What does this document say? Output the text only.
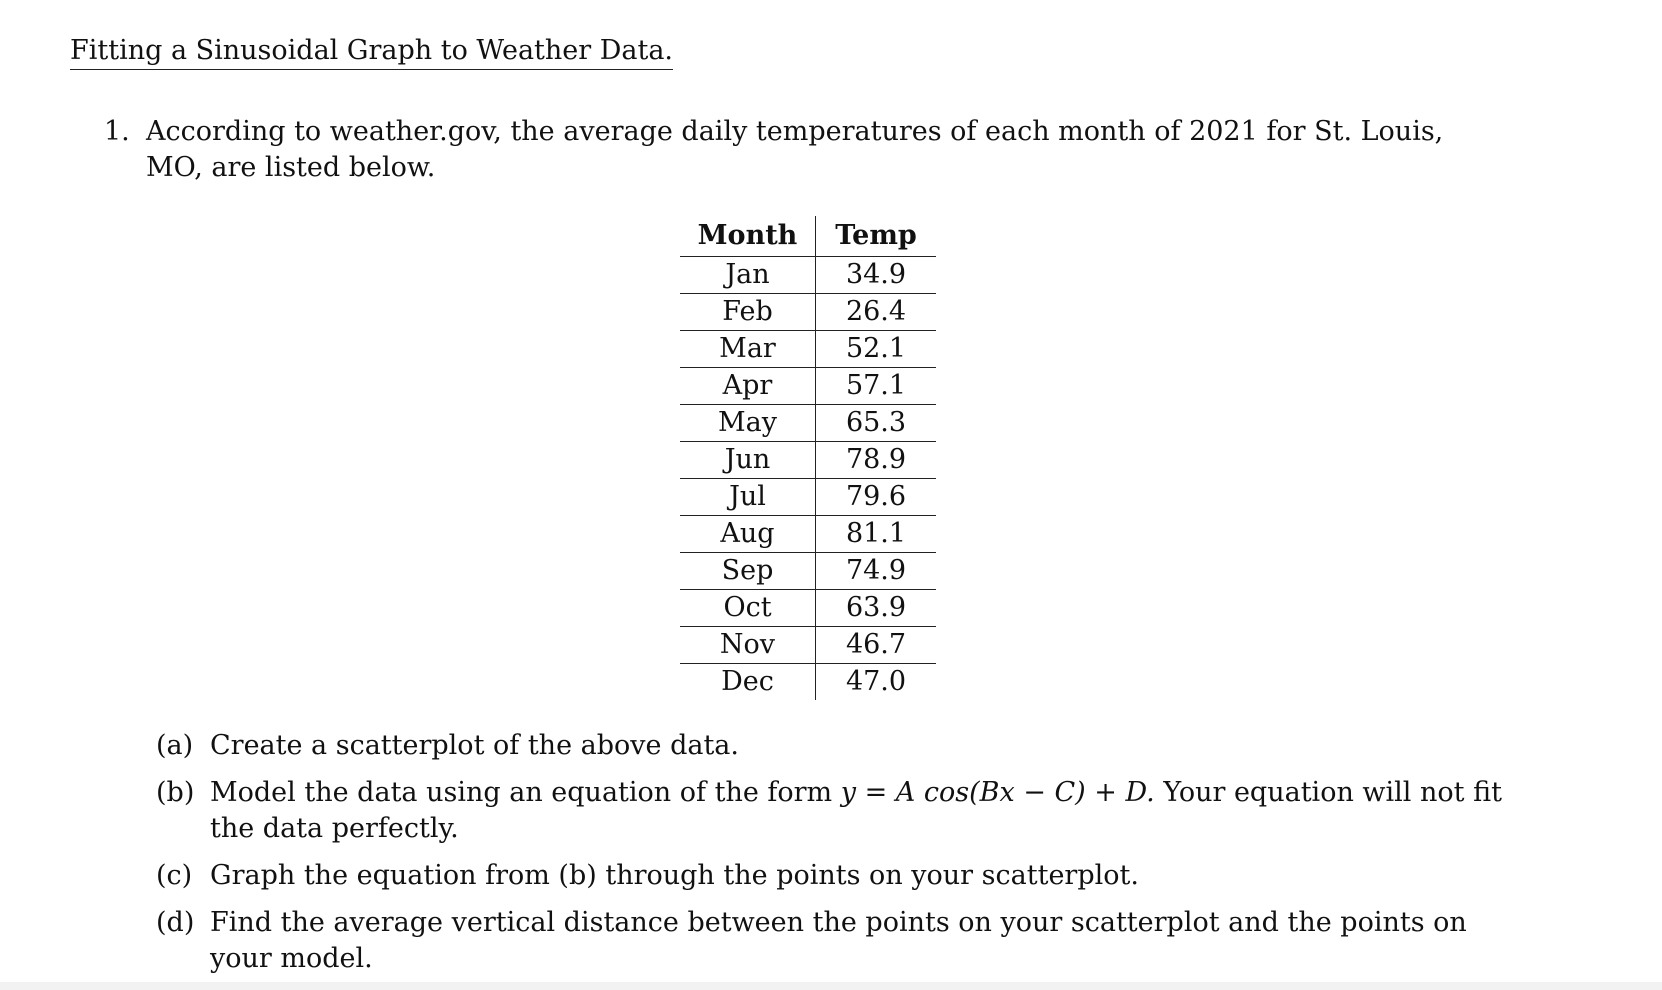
Fitting a Sinusoidal Graph to Weather Data.
1. According to weather.gov, the average daily temperatures of each month of 2021 for St. Louis, MO, are listed below.
Month	Temp
Jan	34.9
Feb	26.4
Mar	52.1
Apr	57.1
May	65.3
Jun	78.9
Jul	79.6
Aug	81.1
Sep	74.9
Oct	63.9
Nov	46.7
Dec	47.0
(a) Create a scatterplot of the above data.
(b) Model the data using an equation of the form y = A cos(Bx − C) + D. Your equation will not fit the data perfectly.
(c) Graph the equation from (b) through the points on your scatterplot.
(d) Find the average vertical distance between the points on your scatterplot and the points on your model.
